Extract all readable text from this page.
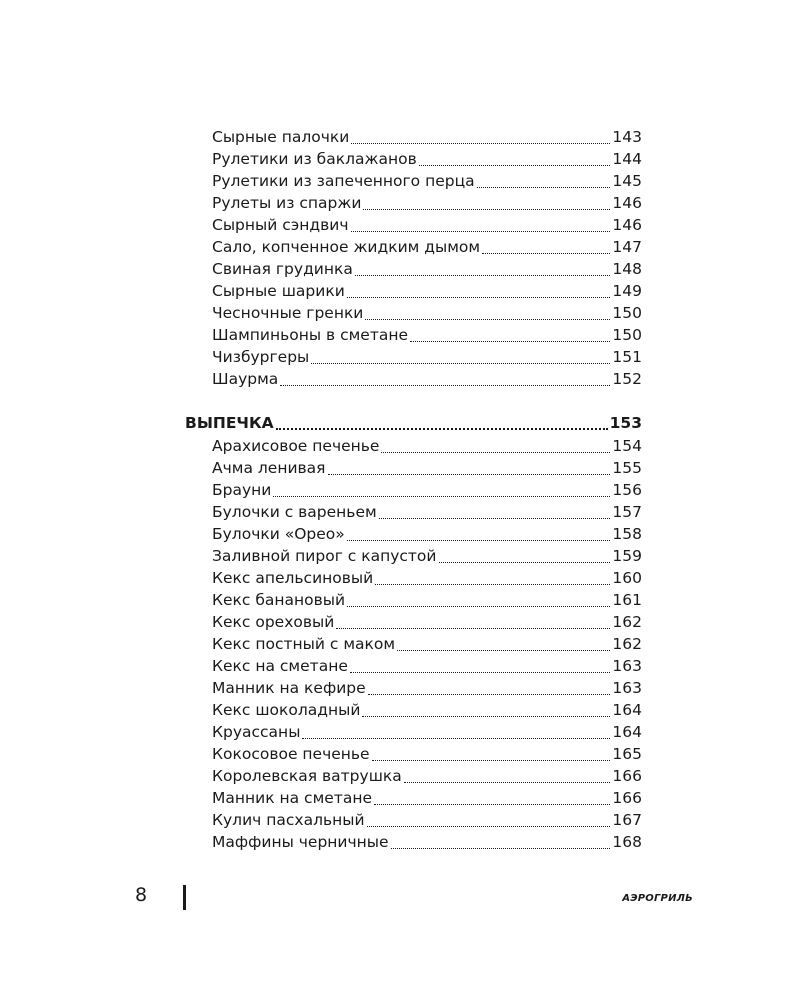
Сырные палочки	143
Рулетики из баклажанов	144
Рулетики из запеченного перца	145
Рулеты из спаржи	146
Сырный сэндвич	146
Сало, копченное жидким дымом	147
Свиная грудинка	148
Сырные шарики	149
Чесночные гренки	150
Шампиньоны в сметане	150
Чизбургеры	151
Шаурма	152
ВЫПЕЧКА	153
Арахисовое печенье	154
Ачма ленивая	155
Брауни	156
Булочки с вареньем	157
Булочки «Орео»	158
Заливной пирог с капустой	159
Кекс апельсиновый	160
Кекс банановый	161
Кекс ореховый	162
Кекс постный с маком	162
Кекс на сметане	163
Манник на кефире	163
Кекс шоколадный	164
Круассаны	164
Кокосовое печенье	165
Королевская ватрушка	166
Манник на сметане	166
Кулич пасхальный	167
Маффины черничные	168
8	АЭРОГРИЛЬ
